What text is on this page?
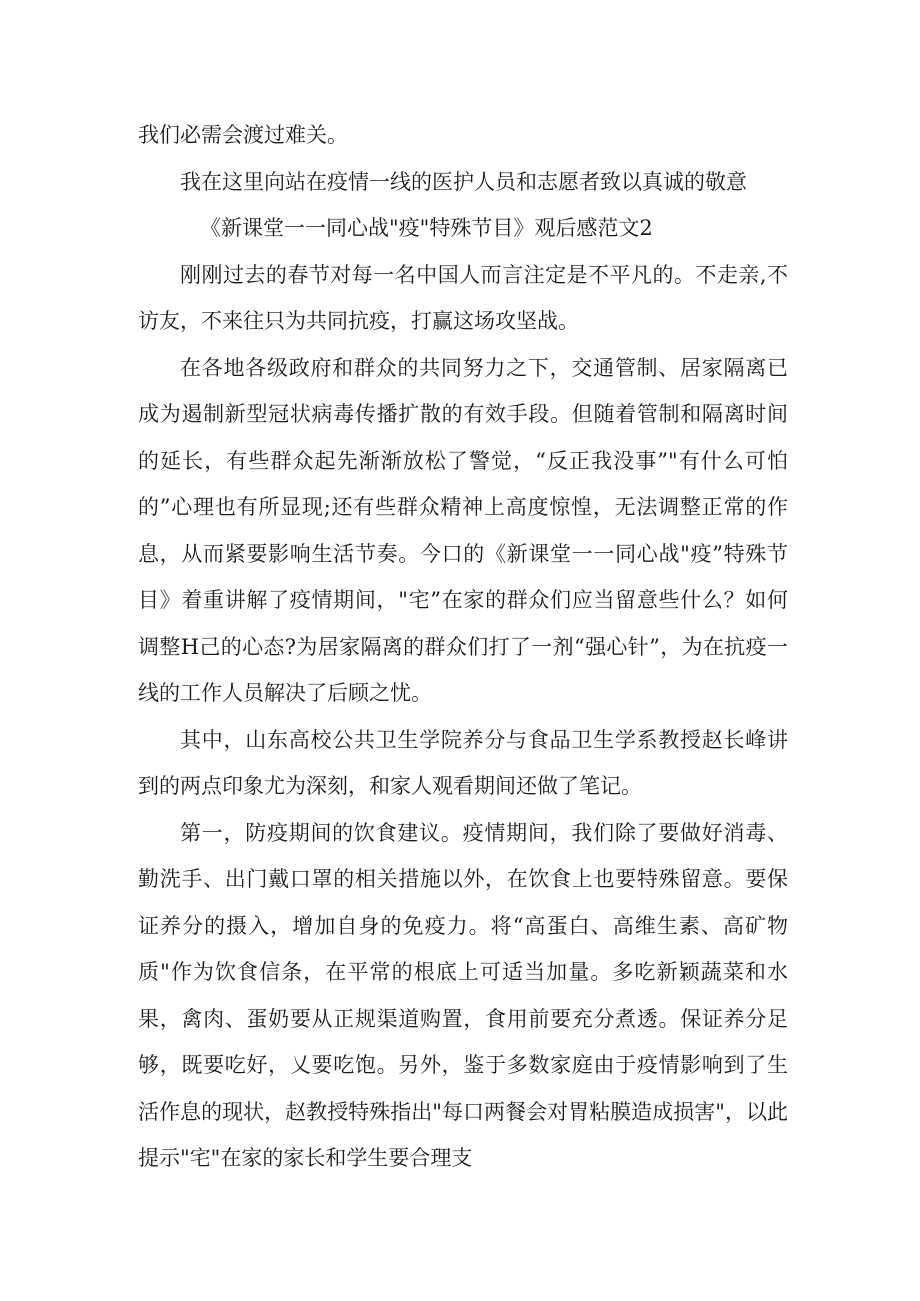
我们必需会渡过难关。

我在这里向站在疫情一线的医护人员和志愿者致以真诚的敬意

《新课堂一一同心战"疫"特殊节目》观后感范文2

刚刚过去的春节对每一名中国人而言注定是不平凡的。不走亲,不访友，不来往只为共同抗疫，打赢这场攻坚战。

在各地各级政府和群众的共同努力之下，交通管制、居家隔离已成为遏制新型冠状病毒传播扩散的有效手段。但随着管制和隔离时间的延长，有些群众起先渐渐放松了警觉，“反正我没事”"有什么可怕的”心理也有所显现;还有些群众精神上高度惊惶，无法调整正常的作息，从而紧要影响生活节奏。今口的《新课堂一一同心战"疫”特殊节目》着重讲解了疫情期间，"宅”在家的群众们应当留意些什么？如何调整H己的心态?为居家隔离的群众们打了一剂“强心针”，为在抗疫一线的工作人员解决了后顾之忧。

其中，山东高校公共卫生学院养分与食品卫生学系教授赵长峰讲到的两点印象尤为深刻，和家人观看期间还做了笔记。

第一，防疫期间的饮食建议。疫情期间，我们除了要做好消毒、勤洗手、出门戴口罩的相关措施以外，在饮食上也要特殊留意。要保证养分的摄入，增加自身的免疫力。将“高蛋白、高维生素、高矿物质"作为饮食信条，在平常的根底上可适当加量。多吃新颖蔬菜和水果，禽肉、蛋奶要从正规渠道购置，食用前要充分煮透。保证养分足够，既要吃好，乂要吃饱。另外，鉴于多数家庭由于疫情影响到了生活作息的现状，赵教授特殊指出"每口两餐会对胃粘膜造成损害"，以此提示"宅"在家的家长和学生要合理支
